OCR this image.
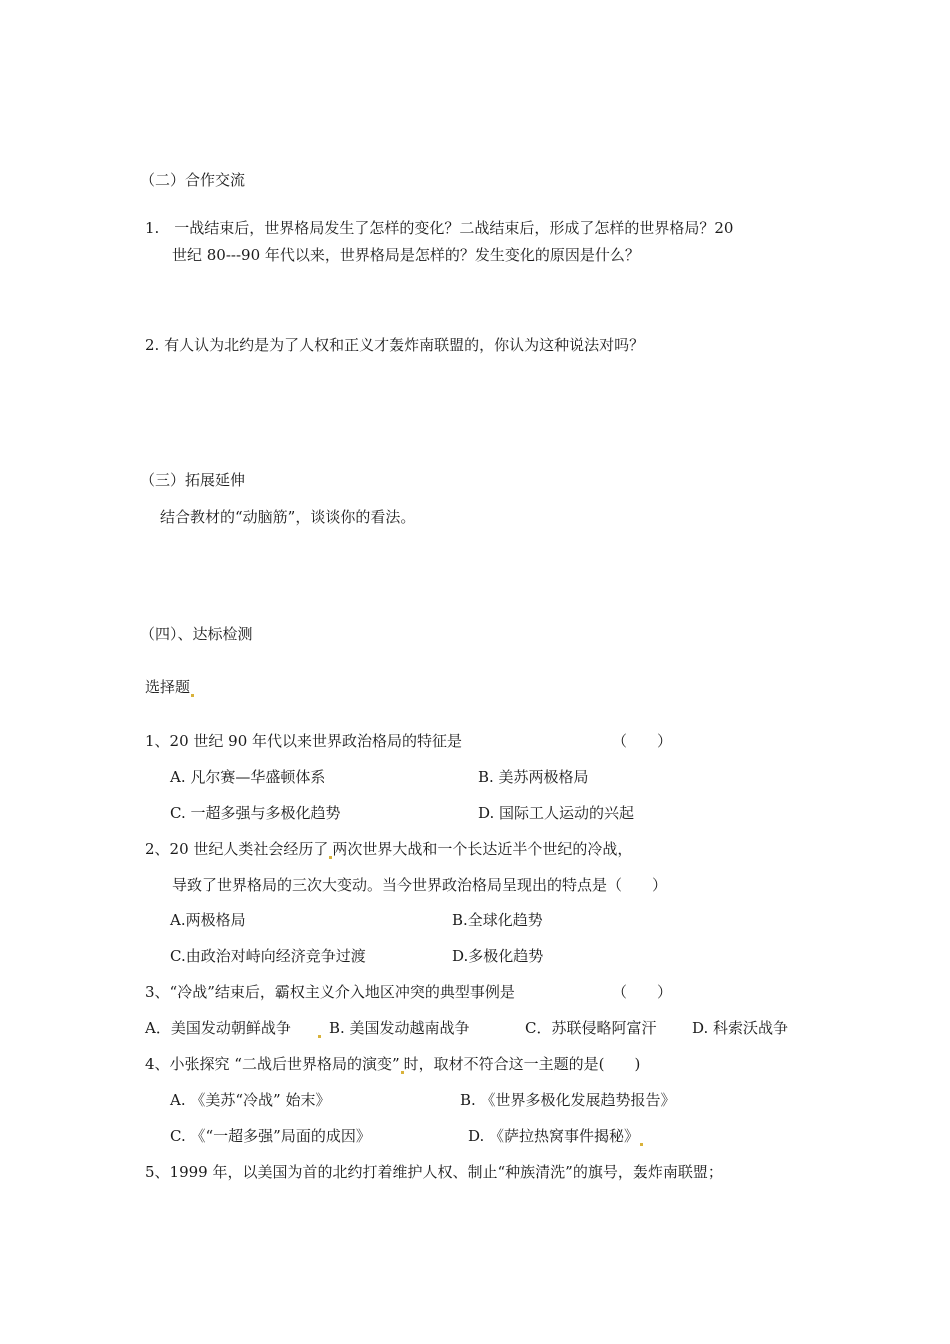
（二）合作交流
1.　一战结束后，世界格局发生了怎样的变化？二战结束后，形成了怎样的世界格局？20
世纪 80---90 年代以来，世界格局是怎样的？发生变化的原因是什么？
2. 有人认为北约是为了人权和正义才轰炸南联盟的，你认为这种说法对吗？
（三）拓展延伸
结合教材的“动脑筋”，谈谈你的看法。
（四）、达标检测
选择题
1、20 世纪 90 年代以来世界政治格局的特征是	（　　）
A. 凡尔赛—华盛顿体系	B. 美苏两极格局
C. 一超多强与多极化趋势	D. 国际工人运动的兴起
2、20 世纪人类社会经历了 两次世界大战和一个长达近半个世纪的冷战，
导致了世界格局的三次大变动。当今世界政治格局呈现出的特点是（　　）
A.两极格局	B.全球化趋势
C.由政治对峙向经济竞争过渡	D.多极化趋势
3、“冷战”结束后，霸权主义介入地区冲突的典型事例是	（　　）
A．美国发动朝鲜战争	B. 美国发动越南战争	C．苏联侵略阿富汗 D. 科索沃战争
4、小张探究 “二战后世界格局的演变” 时，取材不符合这一主题的是(　　)
A. 《美苏“冷战” 始末》	B. 《世界多极化发展趋势报告》
C. 《“一超多强”局面的成因》	D. 《萨拉热窝事件揭秘》
5、1999 年，以美国为首的北约打着维护人权、制止“种族清洗”的旗号，轰炸南联盟；
